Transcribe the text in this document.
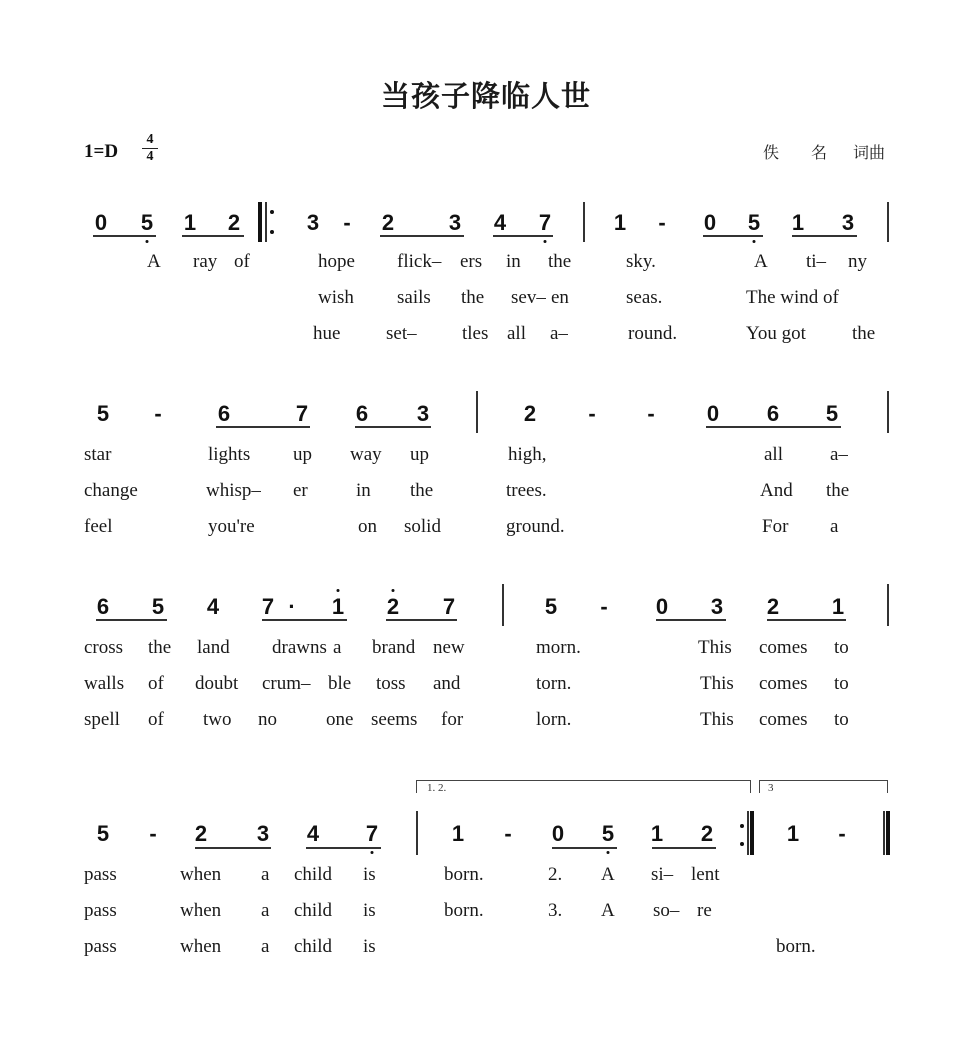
当孩子降临人世
1=D
4
4	佚 名 词曲
0 5 1 2	3 - 2 3 4 7	1 - 0 5 1 3
A ray of	hope flick– ers in the	sky.	A ti– ny
wish sails the sev– en	seas.	The wind of
hue set– tles all a–	round.	You got the
5 -	6	7 6 3	2 - - 0 6 5
star	lights up way up	high,	all a–
change	whisp– er	in the	trees.	And the
feel	you're	on solid	ground.	For a
6 5 4 7 · 1 2 7	5 - 0 3 2 1
cross the land drawns a brand new	morn.	This comes to
walls of doubt crum– ble toss and	torn.	This comes to
spell of two no	one seems for	lorn.	This comes to
5 - 2 3 4 7	1 - 0 5 1 2	1 -
pass	when a child is	born.	2. A si– lent
pass	when a child is	born.	3. A so– re
pass	when a child is	born.
1. 2.	3
